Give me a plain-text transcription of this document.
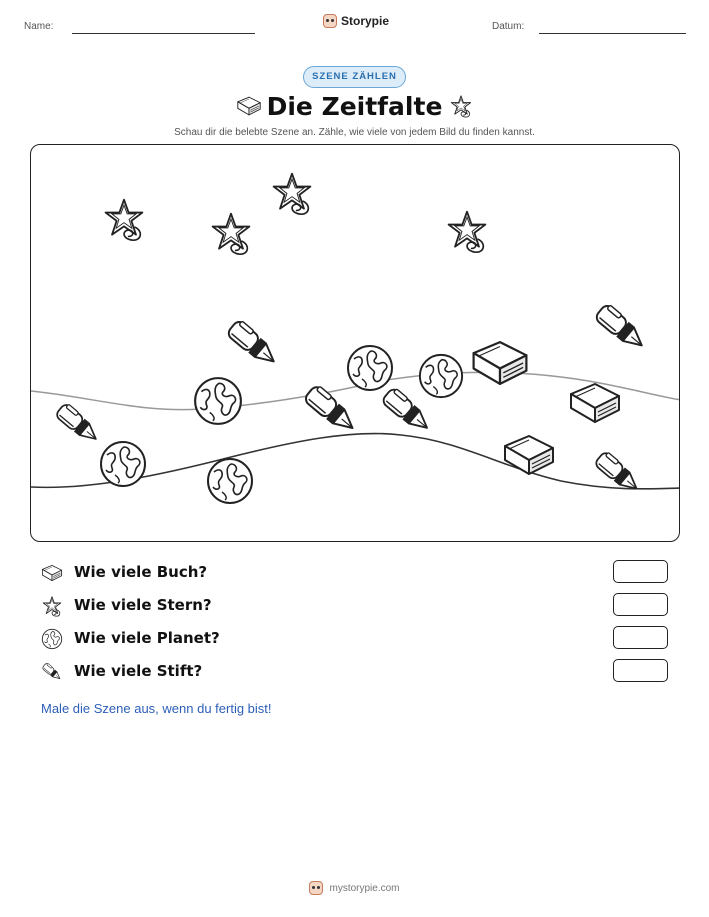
Name:	Storypie	Datum:
SZENE ZÄHLEN
Die Zeitfalte
Schau dir die belebte Szene an. Zähle, wie viele von jedem Bild du finden kannst.
Wie viele Buch?
Wie viele Stern?
Wie viele Planet?
Wie viele Stift?
Male die Szene aus, wenn du fertig bist!
mystorypie.com
